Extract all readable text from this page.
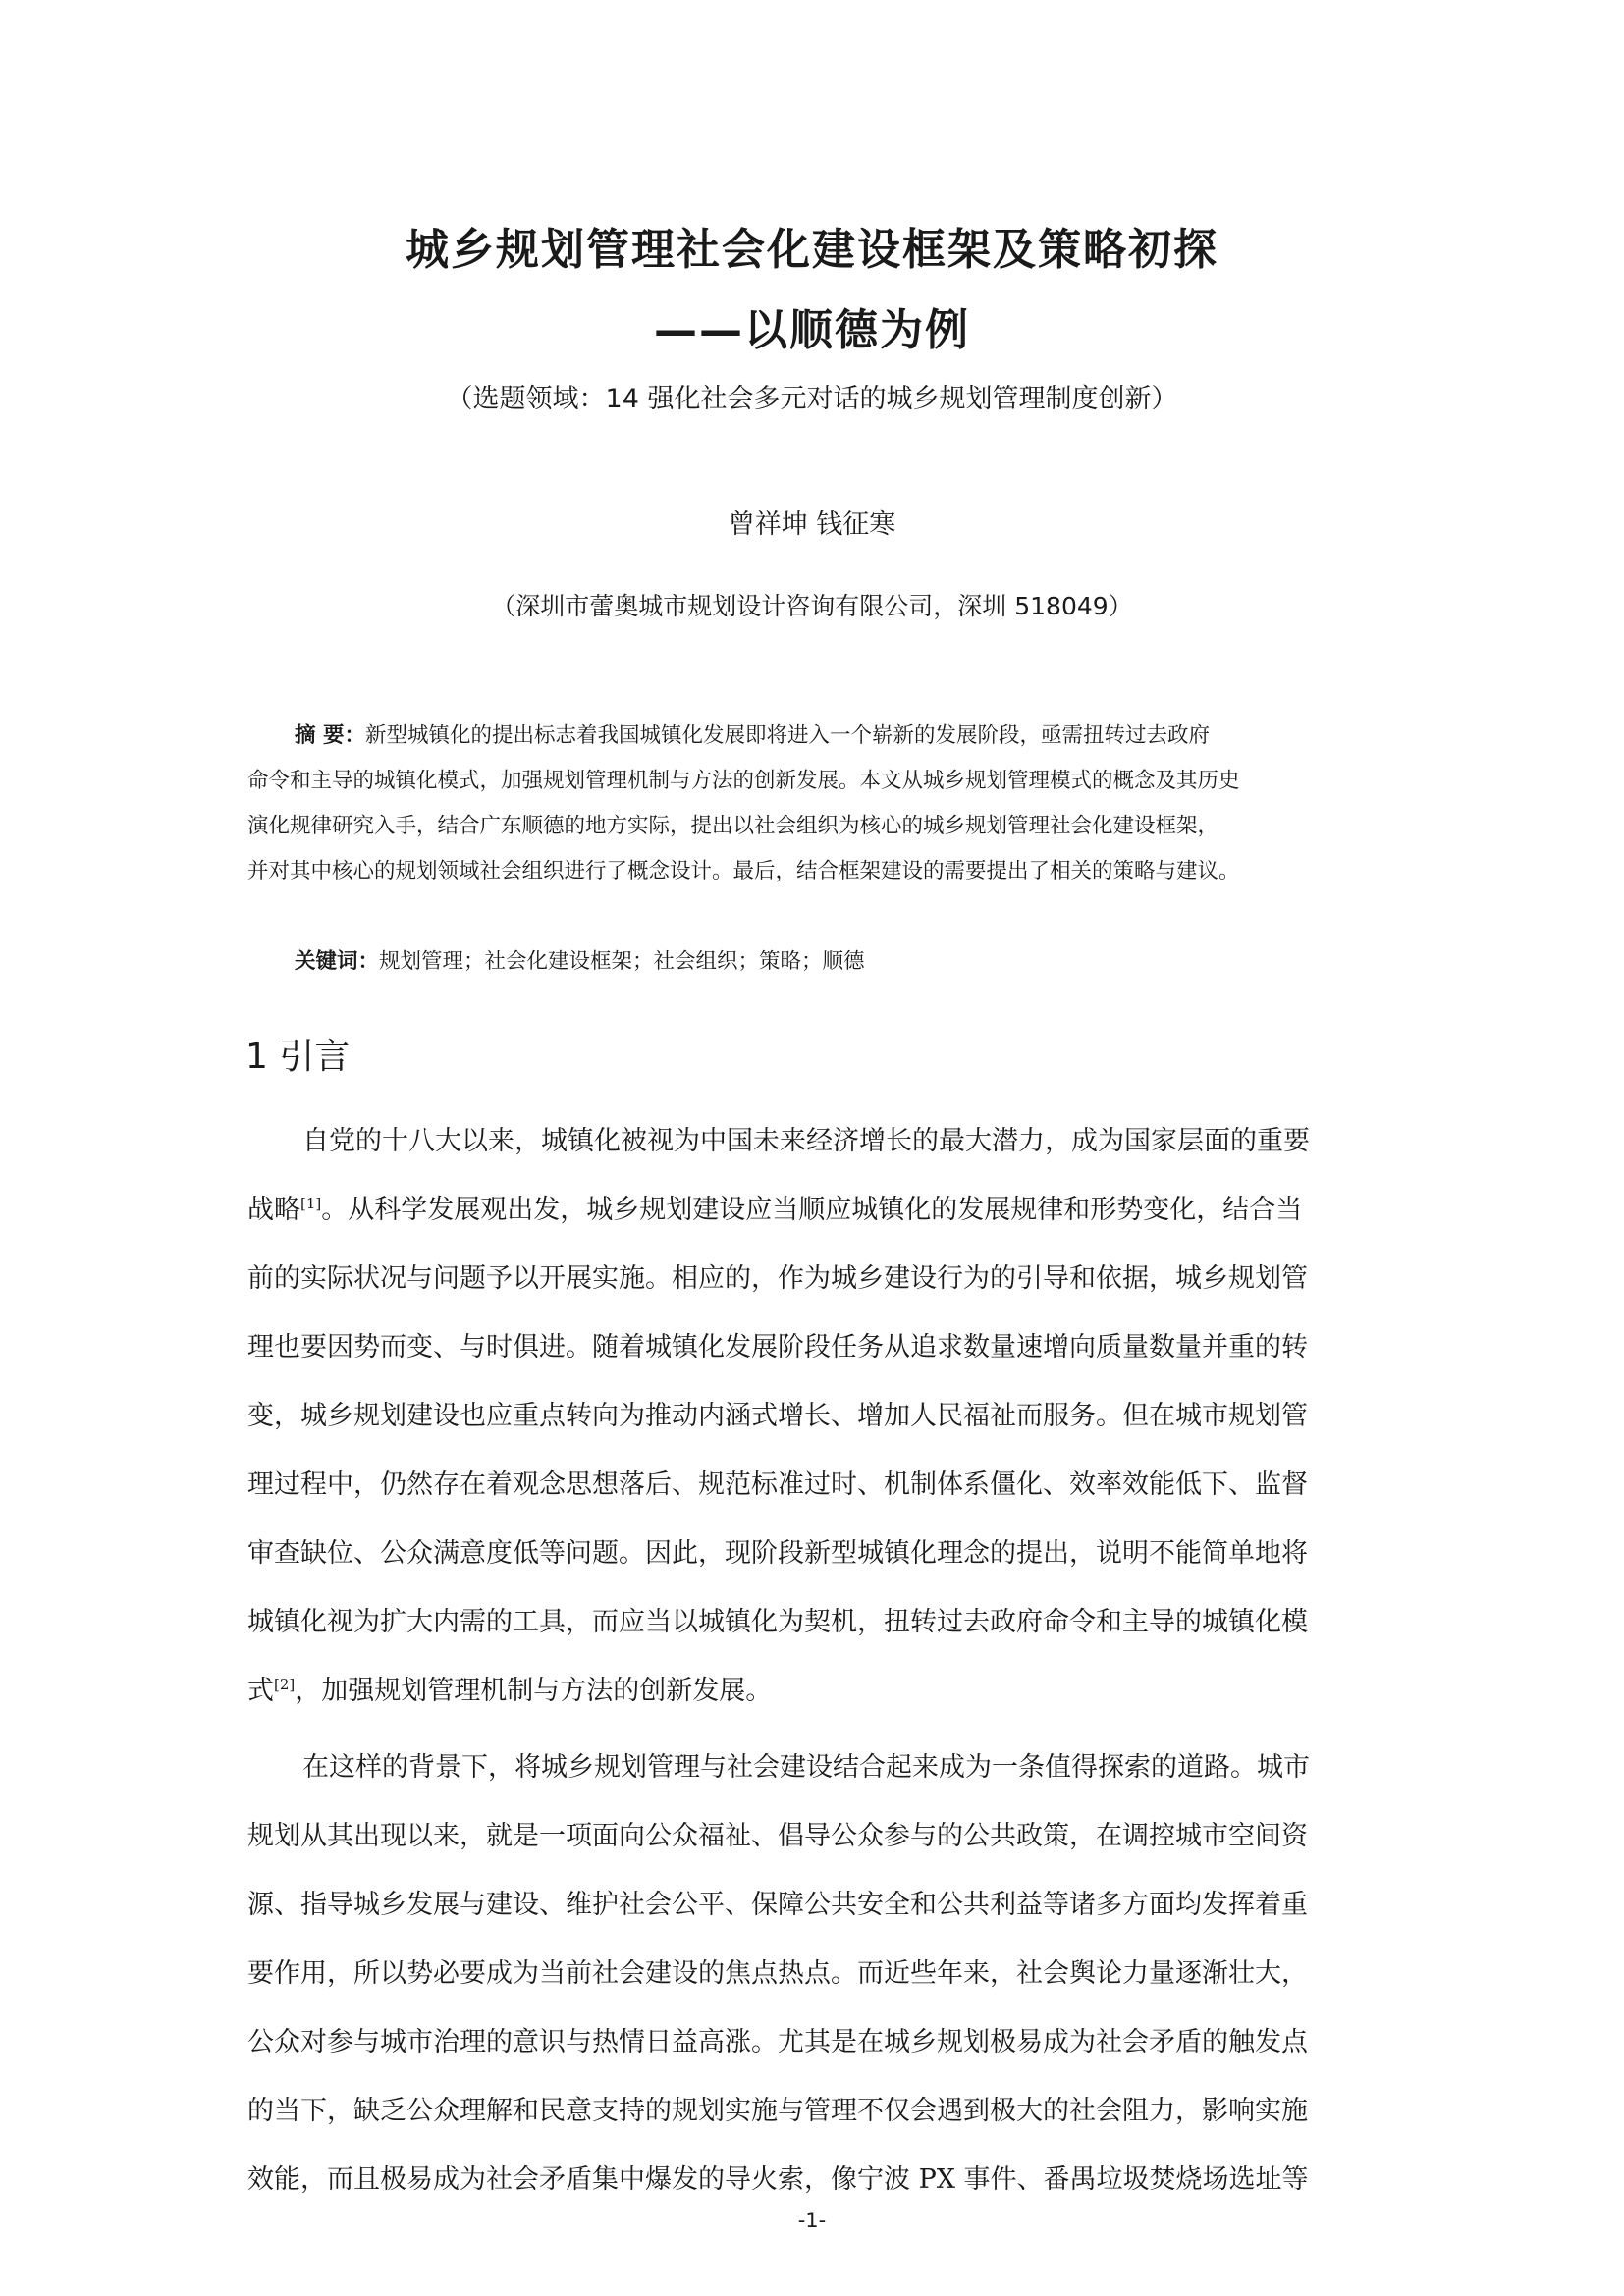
城乡规划管理社会化建设框架及策略初探
——以顺德为例
（选题领域：14 强化社会多元对话的城乡规划管理制度创新）
曾祥坤 钱征寒
（深圳市蕾奥城市规划设计咨询有限公司，深圳 518049）
摘 要：新型城镇化的提出标志着我国城镇化发展即将进入一个崭新的发展阶段，亟需扭转过去政府
命令和主导的城镇化模式，加强规划管理机制与方法的创新发展。本文从城乡规划管理模式的概念及其历史
演化规律研究入手，结合广东顺德的地方实际，提出以社会组织为核心的城乡规划管理社会化建设框架，
并对其中核心的规划领域社会组织进行了概念设计。最后，结合框架建设的需要提出了相关的策略与建议。
关键词：规划管理；社会化建设框架；社会组织；策略；顺德
1 引言
自党的十八大以来，城镇化被视为中国未来经济增长的最大潜力，成为国家层面的重要
战略[1]。从科学发展观出发，城乡规划建设应当顺应城镇化的发展规律和形势变化，结合当
前的实际状况与问题予以开展实施。相应的，作为城乡建设行为的引导和依据，城乡规划管
理也要因势而变、与时俱进。随着城镇化发展阶段任务从追求数量速增向质量数量并重的转
变，城乡规划建设也应重点转向为推动内涵式增长、增加人民福祉而服务。但在城市规划管
理过程中，仍然存在着观念思想落后、规范标准过时、机制体系僵化、效率效能低下、监督
审查缺位、公众满意度低等问题。因此，现阶段新型城镇化理念的提出，说明不能简单地将
城镇化视为扩大内需的工具，而应当以城镇化为契机，扭转过去政府命令和主导的城镇化模
式[2]，加强规划管理机制与方法的创新发展。
在这样的背景下，将城乡规划管理与社会建设结合起来成为一条值得探索的道路。城市
规划从其出现以来，就是一项面向公众福祉、倡导公众参与的公共政策，在调控城市空间资
源、指导城乡发展与建设、维护社会公平、保障公共安全和公共利益等诸多方面均发挥着重
要作用，所以势必要成为当前社会建设的焦点热点。而近些年来，社会舆论力量逐渐壮大，
公众对参与城市治理的意识与热情日益高涨。尤其是在城乡规划极易成为社会矛盾的触发点
的当下，缺乏公众理解和民意支持的规划实施与管理不仅会遇到极大的社会阻力，影响实施
效能，而且极易成为社会矛盾集中爆发的导火索，像宁波 PX 事件、番禺垃圾焚烧场选址等
-1-
